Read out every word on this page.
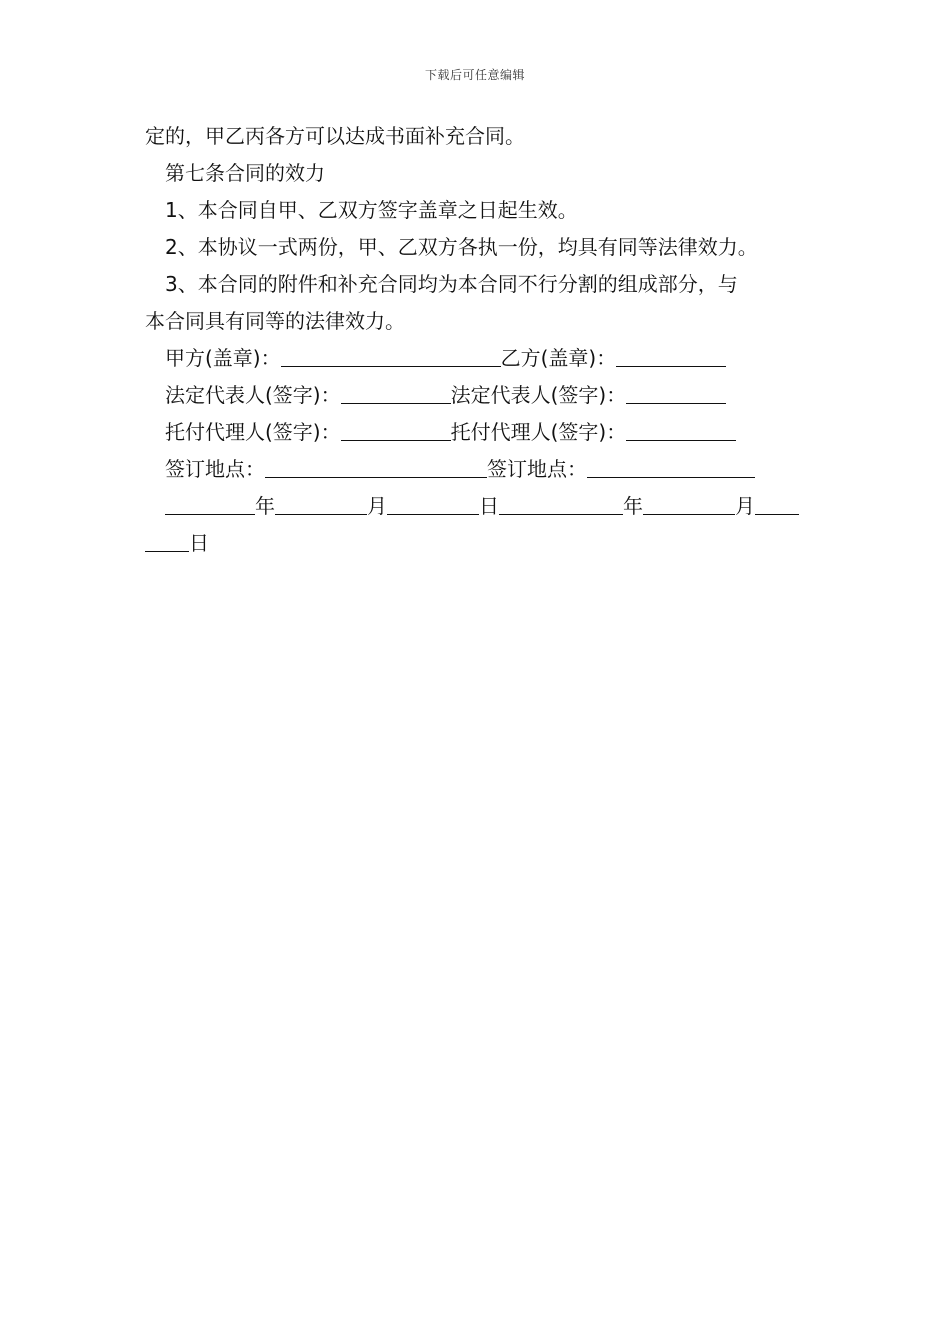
下载后可任意编辑
定的，甲乙丙各方可以达成书面补充合同。
第七条合同的效力
1、本合同自甲、乙双方签字盖章之日起生效。
2、本协议一式两份，甲、乙双方各执一份，均具有同等法律效力。
3、本合同的附件和补充合同均为本合同不行分割的组成部分，与
本合同具有同等的法律效力。
甲方(盖章)：	乙方(盖章)：
法定代表人(签字)：	法定代表人(签字)：
托付代理人(签字)：	托付代理人(签字)：
签订地点：	签订地点：
年	月	日	年	月
日
